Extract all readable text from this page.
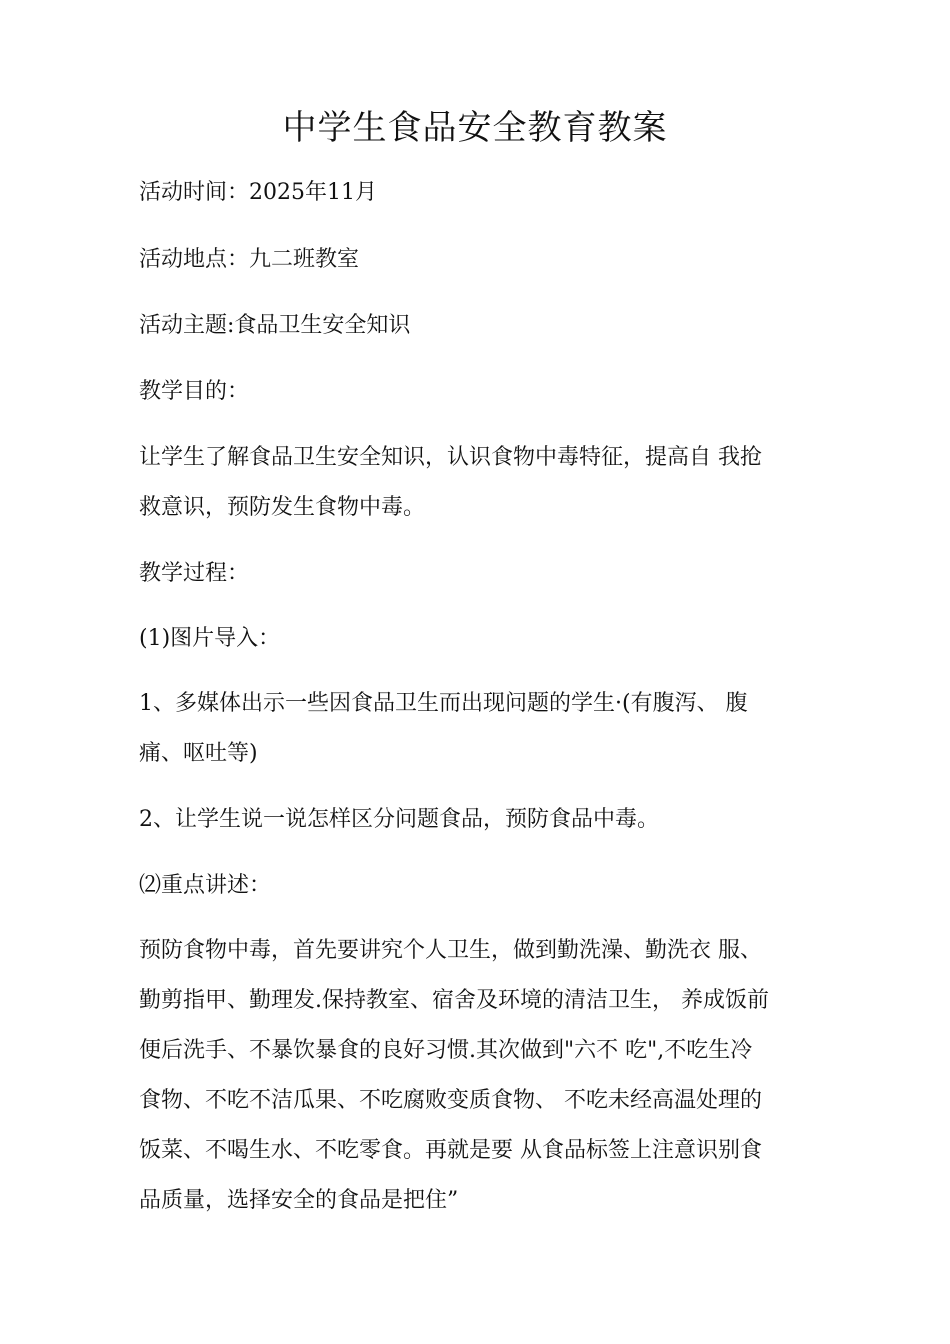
中学生食品安全教育教案
活动时间：2025年11月
活动地点：九二班教室
活动主题:食品卫生安全知识
教学目的：
让学生了解食品卫生安全知识，认识食物中毒特征，提高自 我抢
救意识，预防发生食物中毒。
教学过程：
(1)图片导入：
1、多媒体出示一些因食品卫生而出现问题的学生·(有腹泻、 腹
痛、呕吐等)
2、让学生说一说怎样区分问题食品，预防食品中毒。
⑵重点讲述：
预防食物中毒，首先要讲究个人卫生，做到勤洗澡、勤洗衣 服、
勤剪指甲、勤理发.保持教室、宿舍及环境的清洁卫生， 养成饭前
便后洗手、不暴饮暴食的良好习惯.其次做到"六不 吃",不吃生冷
食物、不吃不洁瓜果、不吃腐败变质食物、 不吃未经高温处理的
饭菜、不喝生水、不吃零食。再就是要 从食品标签上注意识别食
品质量，选择安全的食品是把住”
